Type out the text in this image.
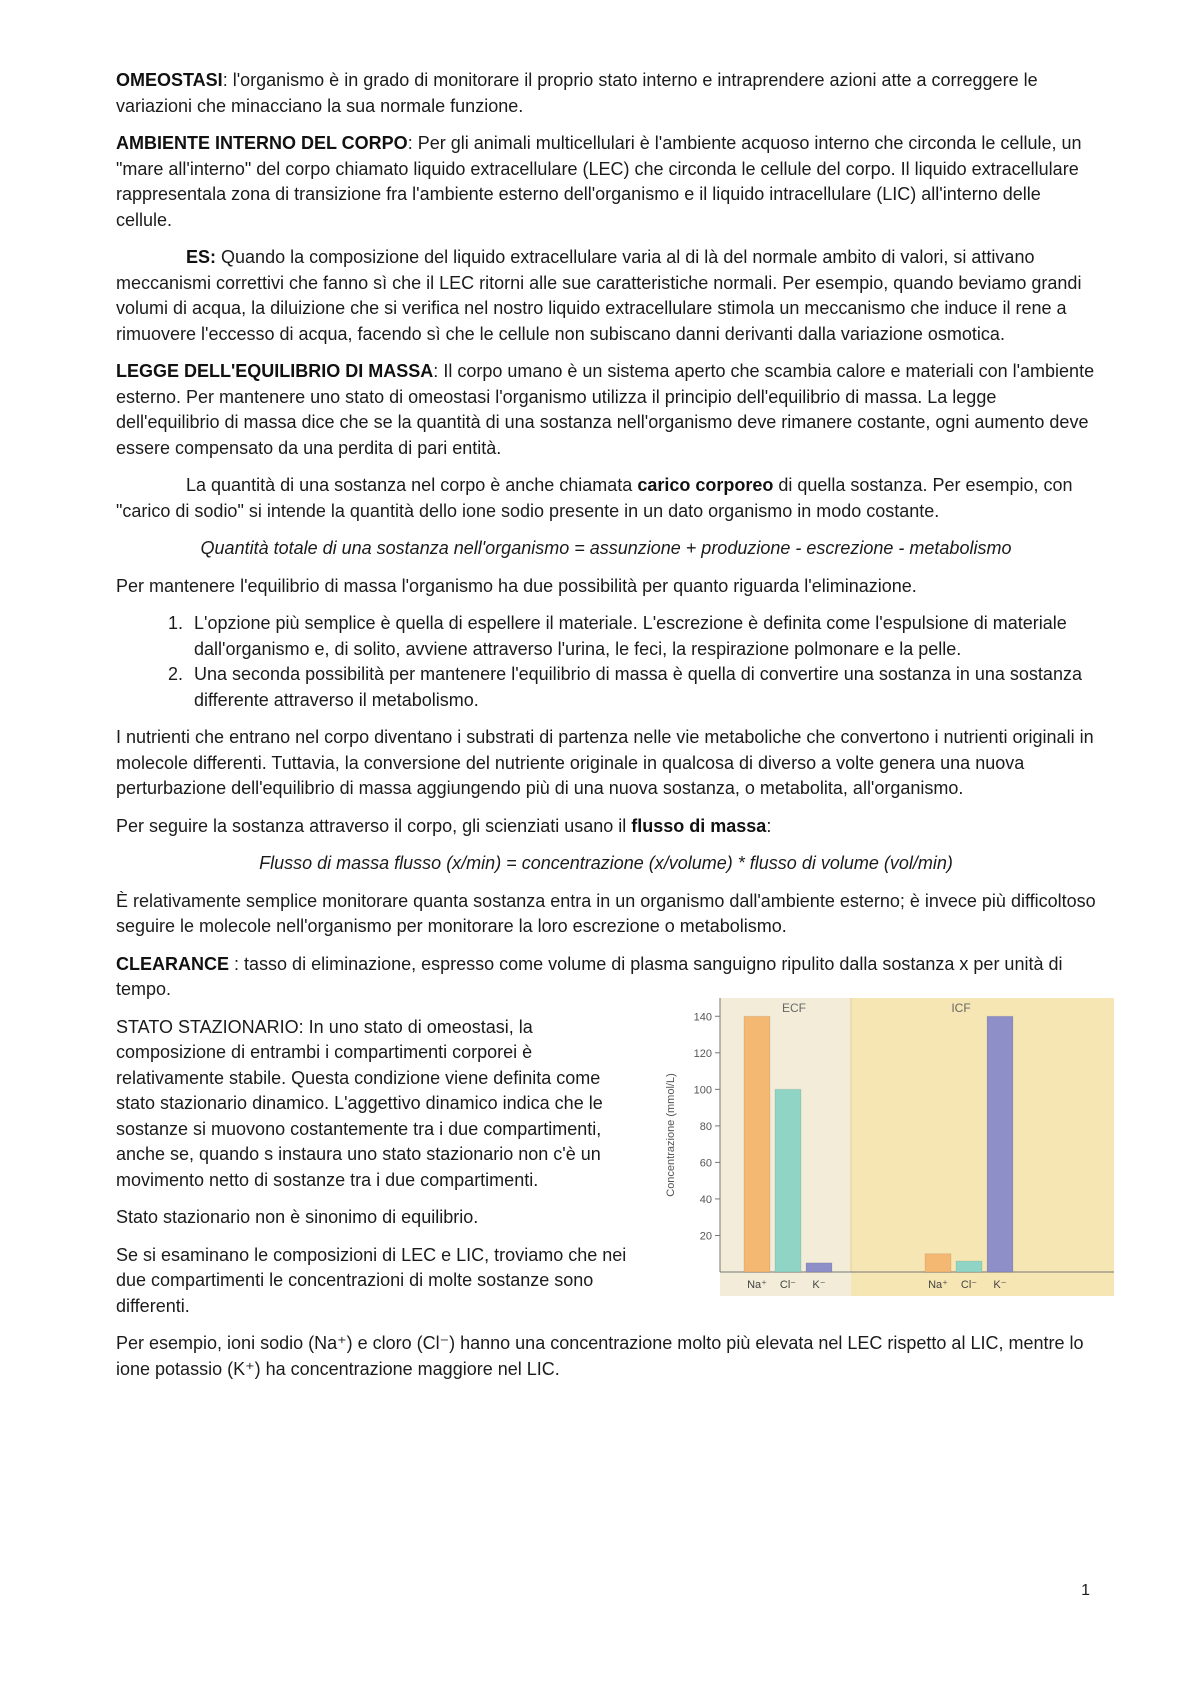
OMEOSTASI: l'organismo è in grado di monitorare il proprio stato interno e intraprendere azioni atte a correggere le variazioni che minacciano la sua normale funzione.

AMBIENTE INTERNO DEL CORPO: Per gli animali multicellulari è l'ambiente acquoso interno che circonda le cellule, un "mare all'interno" del corpo chiamato liquido extracellulare (LEC) che circonda le cellule del corpo. Il liquido extracellulare rappresentala zona di transizione fra l'ambiente esterno dell'organismo e il liquido intracellulare (LIC) all'interno delle cellule.

ES: Quando la composizione del liquido extracellulare varia al di là del normale ambito di valori, si attivano meccanismi correttivi che fanno sì che il LEC ritorni alle sue caratteristiche normali. Per esempio, quando beviamo grandi volumi di acqua, la diluizione che si verifica nel nostro liquido extracellulare stimola un meccanismo che induce il rene a rimuovere l'eccesso di acqua, facendo sì che le cellule non subiscano danni derivanti dalla variazione osmotica.

LEGGE DELL'EQUILIBRIO DI MASSA: Il corpo umano è un sistema aperto che scambia calore e materiali con l'ambiente esterno. Per mantenere uno stato di omeostasi l'organismo utilizza il principio dell'equilibrio di massa. La legge dell'equilibrio di massa dice che se la quantità di una sostanza nell'organismo deve rimanere costante, ogni aumento deve essere compensato da una perdita di pari entità.

La quantità di una sostanza nel corpo è anche chiamata carico corporeo di quella sostanza. Per esempio, con "carico di sodio" si intende la quantità dello ione sodio presente in un dato organismo in modo costante.

Quantità totale di una sostanza nell'organismo = assunzione + produzione - escrezione - metabolismo

Per mantenere l'equilibrio di massa l'organismo ha due possibilità per quanto riguarda l'eliminazione.

1. L'opzione più semplice è quella di espellere il materiale. L'escrezione è definita come l'espulsione di materiale dall'organismo e, di solito, avviene attraverso l'urina, le feci, la respirazione polmonare e la pelle.
2. Una seconda possibilità per mantenere l'equilibrio di massa è quella di convertire una sostanza in una sostanza differente attraverso il metabolismo.

I nutrienti che entrano nel corpo diventano i substrati di partenza nelle vie metaboliche che convertono i nutrienti originali in molecole differenti. Tuttavia, la conversione del nutriente originale in qualcosa di diverso a volte genera una nuova perturbazione dell'equilibrio di massa aggiungendo più di una nuova sostanza, o metabolita, all'organismo.

Per seguire la sostanza attraverso il corpo, gli scienziati usano il flusso di massa:

Flusso di massa flusso (x/min) = concentrazione (x/volume) * flusso di volume (vol/min)

È relativamente semplice monitorare quanta sostanza entra in un organismo dall'ambiente esterno; è invece più difficoltoso seguire le molecole nell'organismo per monitorare la loro escrezione o metabolismo.

CLEARANCE : tasso di eliminazione, espresso come volume di plasma sanguigno ripulito dalla sostanza x per unità di tempo.

STATO STAZIONARIO: In uno stato di omeostasi, la composizione di entrambi i compartimenti corporei è relativamente stabile. Questa condizione viene definita come stato stazionario dinamico. L'aggettivo dinamico indica che le sostanze si muovono costantemente tra i due compartimenti, anche se, quando s instaura uno stato stazionario non c'è un movimento netto di sostanze tra i due compartimenti.

Stato stazionario non è sinonimo di equilibrio.

Se si esaminano le composizioni di LEC e LIC, troviamo che nei due compartimenti le concentrazioni di molte sostanze sono differenti.

20
40
60
80
100
120
140
Concentrazione (mmol/L)
ECF
Na⁺ Cl⁻ K⁻
ICF
Na⁺ Cl⁻ K⁻

Per esempio, ioni sodio (Na⁺) e cloro (Cl⁻) hanno una concentrazione molto più elevata nel LEC rispetto al LIC, mentre lo ione potassio (K⁺) ha concentrazione maggiore nel LIC.

1
